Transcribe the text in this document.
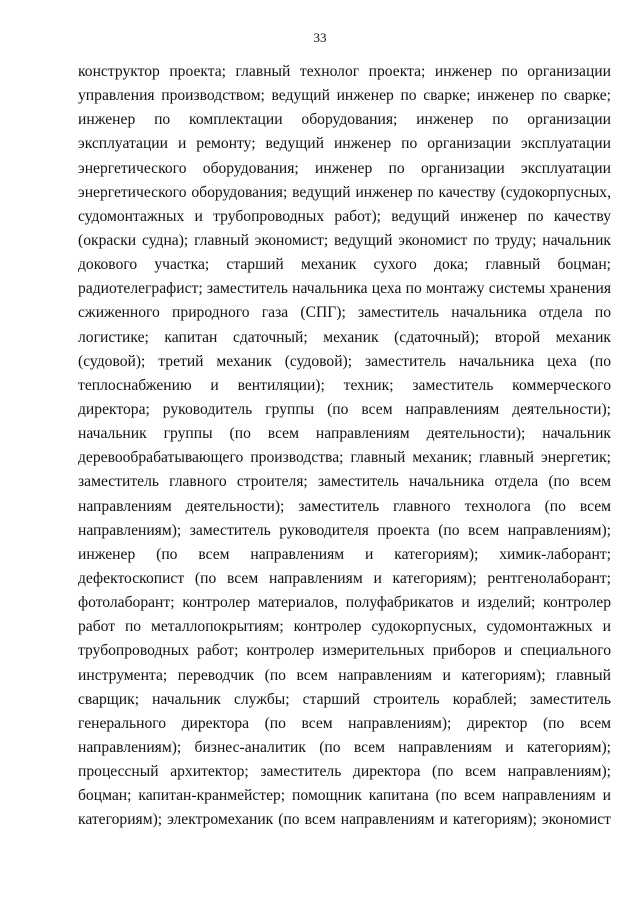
33
конструктор проекта; главный технолог проекта; инженер по организации
управления производством; ведущий инженер по сварке; инженер по сварке;
инженер по комплектации оборудования; инженер по организации
эксплуатации и ремонту; ведущий инженер по организации эксплуатации
энергетического оборудования; инженер по организации эксплуатации
энергетического оборудования; ведущий инженер по качеству (судокорпусных,
судомонтажных и трубопроводных работ); ведущий инженер по качеству
(окраски судна); главный экономист; ведущий экономист по труду; начальник
докового участка; старший механик сухого дока; главный боцман;
радиотелеграфист; заместитель начальника цеха по монтажу системы хранения
сжиженного природного газа (СПГ); заместитель начальника отдела по
логистике; капитан сдаточный; механик (сдаточный); второй механик
(судовой); третий механик (судовой); заместитель начальника цеха (по
теплоснабжению и вентиляции); техник; заместитель коммерческого
директора; руководитель группы (по всем направлениям деятельности);
начальник группы (по всем направлениям деятельности); начальник
деревообрабатывающего производства; главный механик; главный энергетик;
заместитель главного строителя; заместитель начальника отдела (по всем
направлениям деятельности); заместитель главного технолога (по всем
направлениям); заместитель руководителя проекта (по всем направлениям);
инженер (по всем направлениям и категориям); химик-лаборант;
дефектоскопист (по всем направлениям и категориям); рентгенолаборант;
фотолаборант; контролер материалов, полуфабрикатов и изделий; контролер
работ по металлопокрытиям; контролер судокорпусных, судомонтажных и
трубопроводных работ; контролер измерительных приборов и специального
инструмента; переводчик (по всем направлениям и категориям); главный
сварщик; начальник службы; старший строитель кораблей; заместитель
генерального директора (по всем направлениям); директор (по всем
направлениям); бизнес-аналитик (по всем направлениям и категориям);
процессный архитектор; заместитель директора (по всем направлениям);
боцман; капитан-кранмейстер; помощник капитана (по всем направлениям и
категориям); электромеханик (по всем направлениям и категориям); экономист
